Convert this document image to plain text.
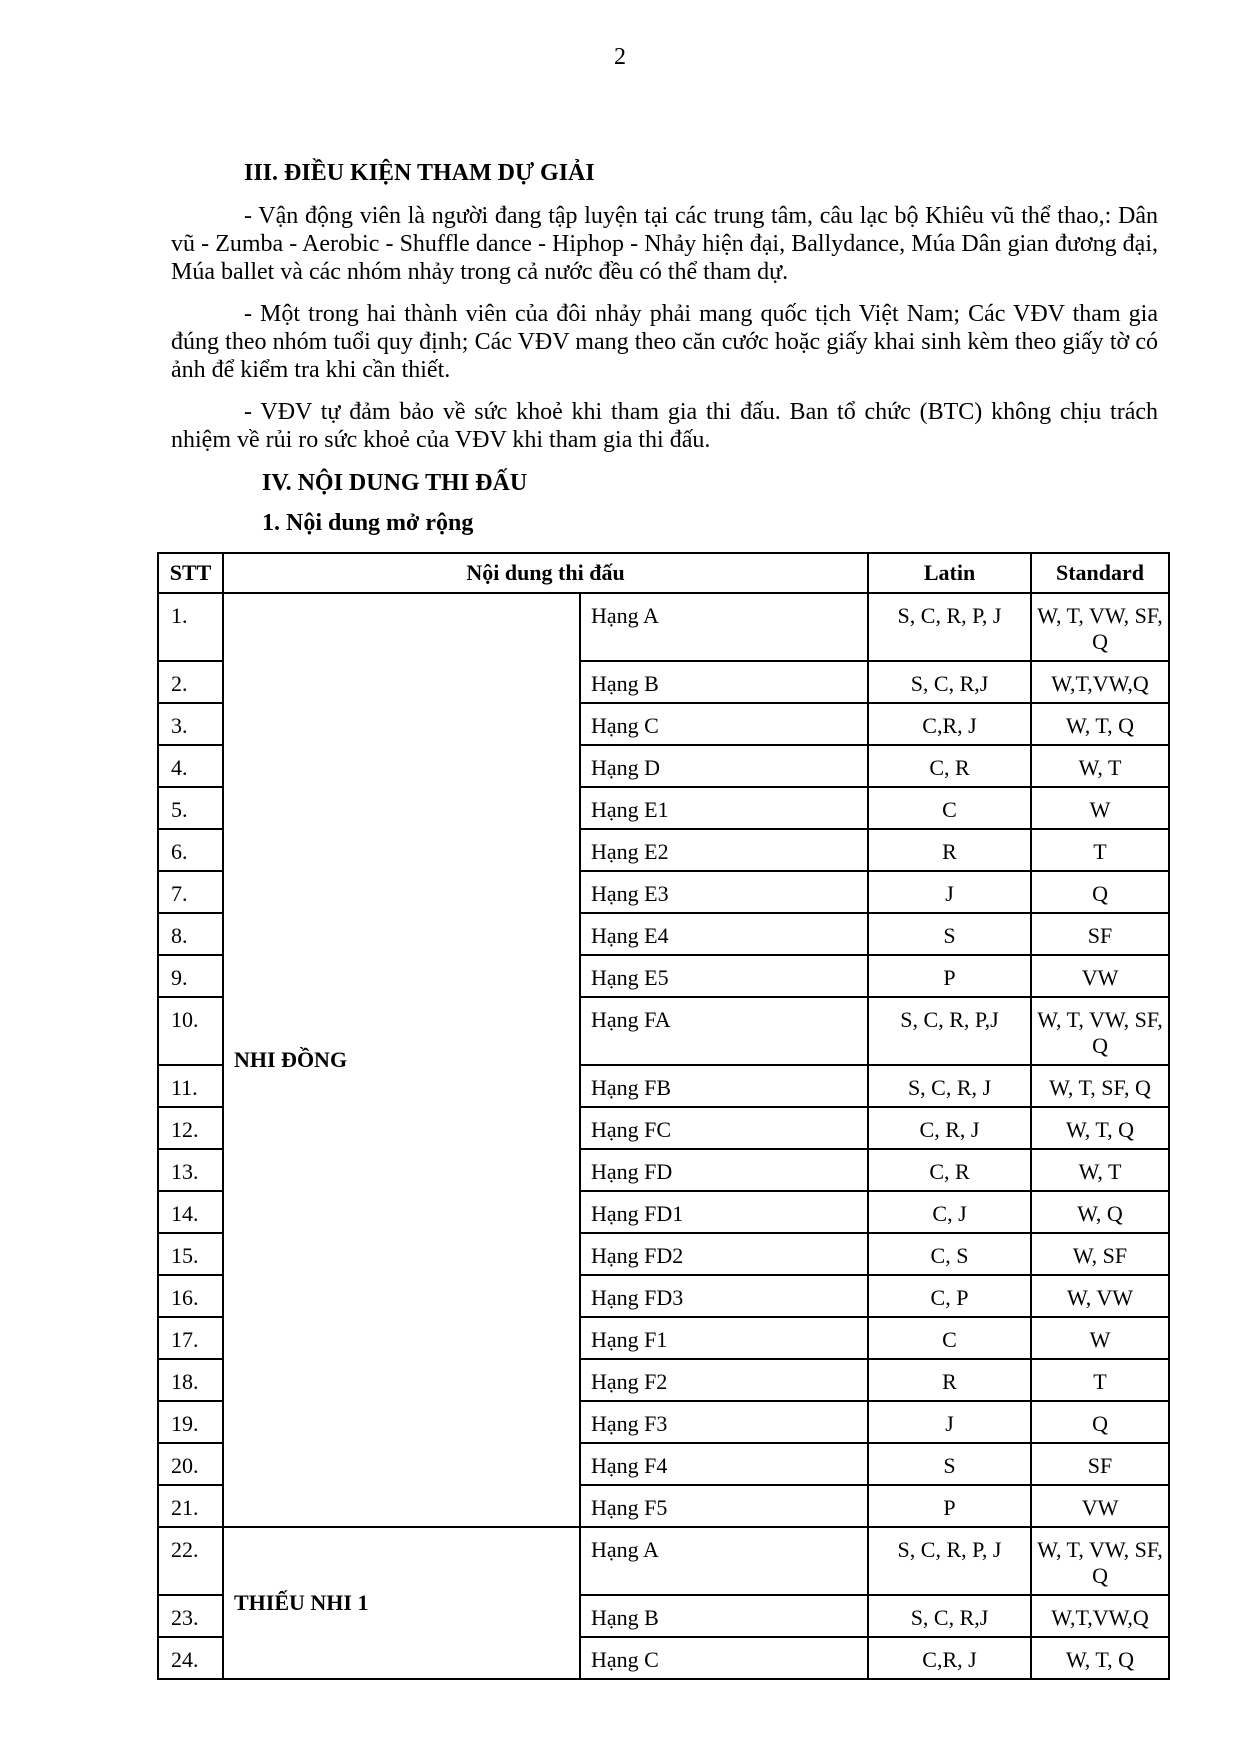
2
III. ĐIỀU KIỆN THAM DỰ GIẢI

- Vận động viên là người đang tập luyện tại các trung tâm, câu lạc bộ Khiêu vũ thể thao,: Dân vũ - Zumba - Aerobic - Shuffle dance - Hiphop - Nhảy hiện đại, Ballydance, Múa Dân gian đương đại, Múa ballet và các nhóm nhảy trong cả nước đều có thể tham dự.

- Một trong hai thành viên của đôi nhảy phải mang quốc tịch Việt Nam; Các VĐV tham gia đúng theo nhóm tuổi quy định; Các VĐV mang theo căn cước hoặc giấy khai sinh kèm theo giấy tờ có ảnh để kiểm tra khi cần thiết.

- VĐV tự đảm bảo về sức khoẻ khi tham gia thi đấu. Ban tổ chức (BTC) không chịu trách nhiệm về rủi ro sức khoẻ của VĐV khi tham gia thi đấu.

IV. NỘI DUNG THI ĐẤU
1. Nội dung mở rộng
STT	Nội dung thi đấu		Latin	Standard
1.	NHI ĐỒNG	Hạng A	S, C, R, P, J	W, T, VW, SF, Q
2.		Hạng B	S, C, R,J	W,T,VW,Q
3.		Hạng C	C,R, J	W, T, Q
4.		Hạng D	C, R	W, T
5.		Hạng E1	C	W
6.		Hạng E2	R	T
7.		Hạng E3	J	Q
8.		Hạng E4	S	SF
9.		Hạng E5	P	VW
10.		Hạng FA	S, C, R, P,J	W, T, VW, SF, Q
11.		Hạng FB	S, C, R, J	W, T, SF, Q
12.		Hạng FC	C, R, J	W, T, Q
13.		Hạng FD	C, R	W, T
14.		Hạng FD1	C, J	W, Q
15.		Hạng FD2	C, S	W, SF
16.		Hạng FD3	C, P	W, VW
17.		Hạng F1	C	W
18.		Hạng F2	R	T
19.		Hạng F3	J	Q
20.		Hạng F4	S	SF
21.		Hạng F5	P	VW
22.	THIẾU NHI 1	Hạng A	S, C, R, P, J	W, T, VW, SF, Q
23.		Hạng B	S, C, R,J	W,T,VW,Q
24.		Hạng C	C,R, J	W, T, Q
